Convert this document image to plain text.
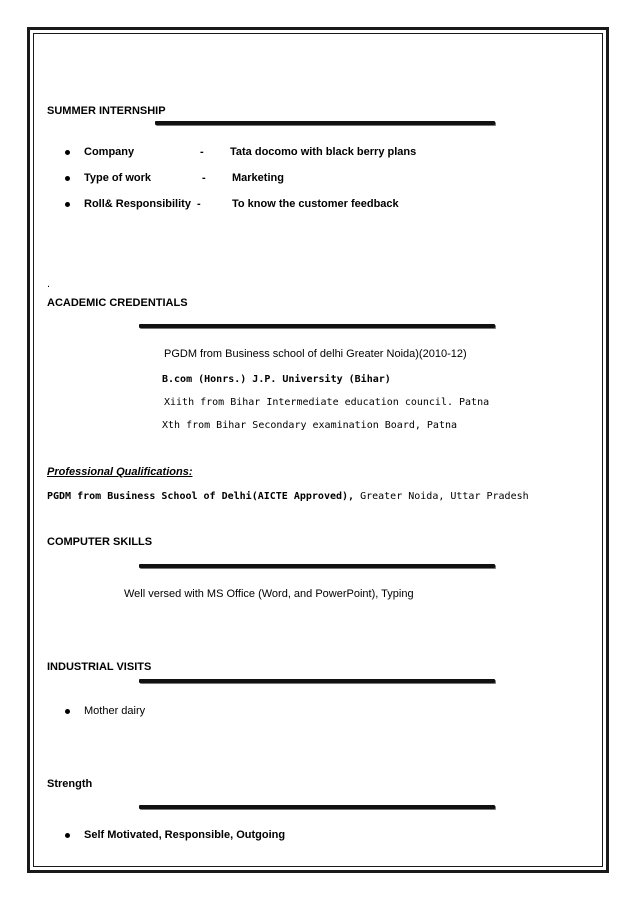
SUMMER INTERNSHIP
Company	- Tata docomo with black berry plans
Type of work	- Marketing
Roll& Responsibility -	To know the customer feedback
.
ACADEMIC CREDENTIALS
PGDM from Business school of delhi Greater Noida)(2010-12)
B.com (Honrs.) J.P. University (Bihar)
Xiith from Bihar Intermediate education council. Patna
Xth from Bihar Secondary examination Board, Patna
Professional Qualifications:
PGDM from Business School of Delhi(AICTE Approved), Greater Noida, Uttar Pradesh
COMPUTER SKILLS
Well versed with MS Office (Word, and PowerPoint), Typing
INDUSTRIAL VISITS
Mother dairy
Strength
Self Motivated, Responsible, Outgoing
